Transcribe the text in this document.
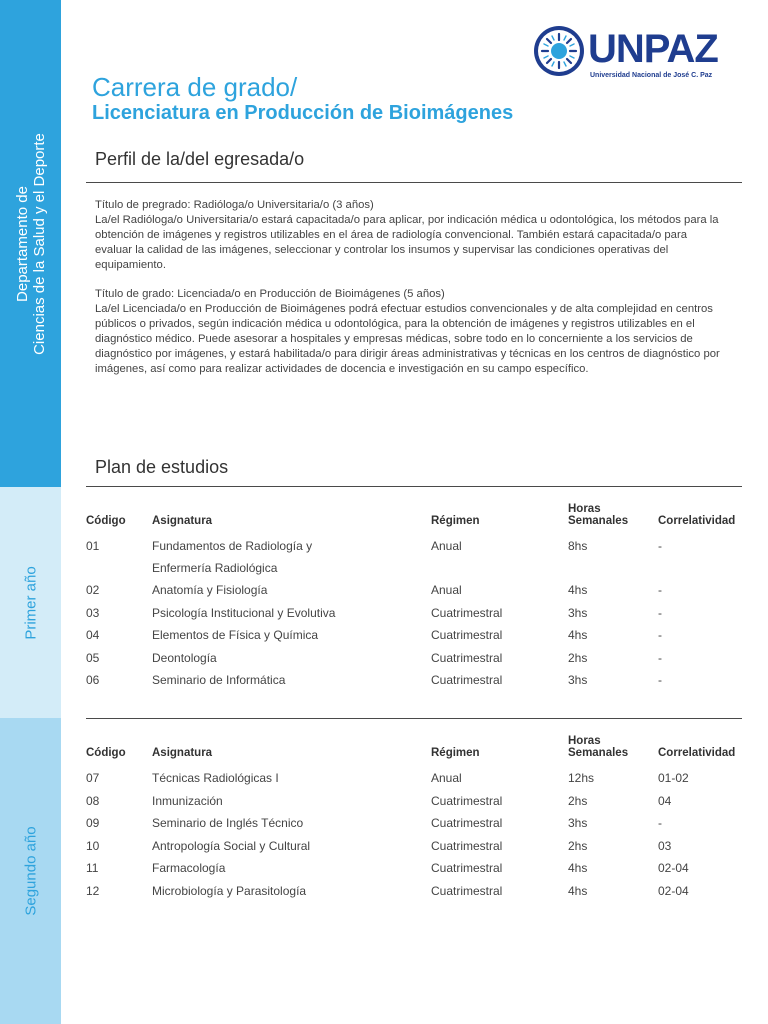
Departamento de Ciencias de la Salud y el Deporte
Primer año
Segundo año
UNPAZ
Universidad Nacional de José C. Paz
Carrera de grado/
Licenciatura en Producción de Bioimágenes
Perfil de la/del egresada/o

Título de pregrado: Radióloga/o Universitaria/o (3 años)

La/el Radióloga/o Universitaria/o estará capacitada/o para aplicar, por indicación médica u odontológica, los métodos para la obtención de imágenes y registros utilizables en el área de radiología convencional. También estará capacitada/o para evaluar la calidad de las imágenes, seleccionar y controlar los insumos y supervisar las condiciones operativas del equipamiento.

Título de grado: Licenciada/o en Producción de Bioimágenes (5 años)

La/el Licenciada/o en Producción de Bioimágenes podrá efectuar estudios convencionales y de alta complejidad en centros públicos o privados, según indicación médica u odontológica, para la obtención de imágenes y registros utilizables en el diagnóstico médico. Puede asesorar a hospitales y empresas médicas, sobre todo en lo concerniente a los servicios de diagnóstico por imágenes, y estará habilitada/o para dirigir áreas administrativas y técnicas en los centros de diagnóstico por imágenes, así como para realizar actividades de docencia e investigación en su campo específico.

Plan de estudios
Código	Asignatura	Régimen	Horas
Semanales	Correlatividad

01	Fundamentos de Radiología y
Enfermería Radiológica	Anual	8hs	-
02	Anatomía y Fisiología	Anual	4hs	-
03	Psicología Institucional y Evolutiva	Cuatrimestral	3hs	-
04	Elementos de Física y Química	Cuatrimestral	4hs	-
05	Deontología	Cuatrimestral	2hs	-
06	Seminario de Informática	Cuatrimestral	3hs	-
Código	Asignatura	Régimen	Horas
Semanales	Correlatividad

07	Técnicas Radiológicas I	Anual	12hs	01-02
08	Inmunización	Cuatrimestral	2hs	04
09	Seminario de Inglés Técnico	Cuatrimestral	3hs	-
10	Antropología Social y Cultural	Cuatrimestral	2hs	03
11	Farmacología	Cuatrimestral	4hs	02-04
12	Microbiología y Parasitología	Cuatrimestral	4hs	02-04
